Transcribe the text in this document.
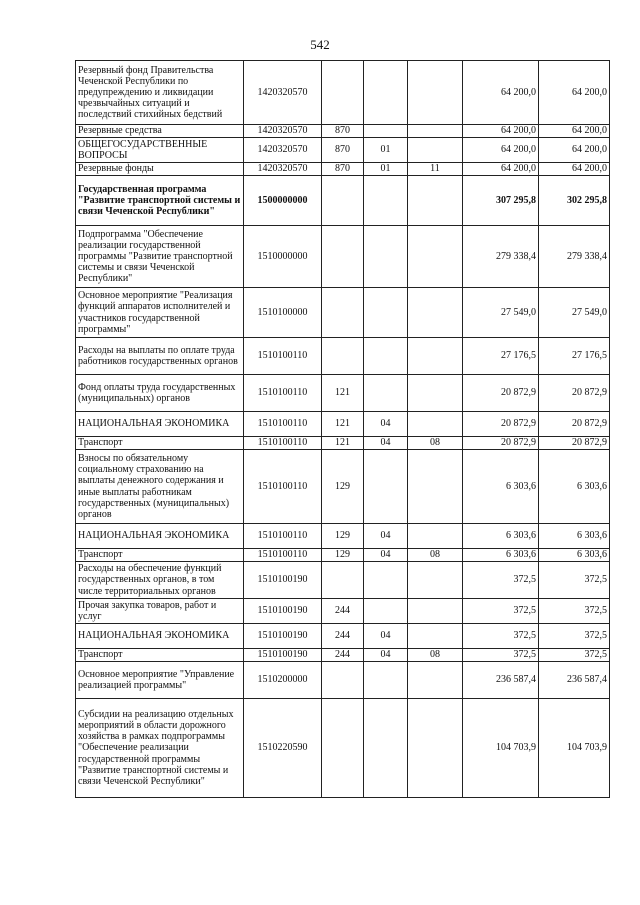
542
Резервный фонд Правительства Чеченской Республики по предупреждению и ликвидации чрезвычайных ситуаций и последствий стихийных бедствий	1420320570				64 200,0	64 200,0
Резервные средства	1420320570	870			64 200,0	64 200,0
ОБЩЕГОСУДАРСТВЕННЫЕ ВОПРОСЫ	1420320570	870	01		64 200,0	64 200,0
Резервные фонды	1420320570	870	01	11	64 200,0	64 200,0
Государственная программа "Развитие транспортной системы и связи Чеченской Республики"	1500000000				307 295,8	302 295,8
Подпрограмма "Обеспечение реализации государственной программы "Развитие транспортной системы и связи Чеченской Республики"	1510000000				279 338,4	279 338,4
Основное мероприятие "Реализация функций аппаратов исполнителей и участников государственной программы"	1510100000				27 549,0	27 549,0
Расходы на выплаты по оплате труда работников государственных органов	1510100110				27 176,5	27 176,5
Фонд оплаты труда государственных (муниципальных) органов	1510100110	121			20 872,9	20 872,9
НАЦИОНАЛЬНАЯ ЭКОНОМИКА	1510100110	121	04		20 872,9	20 872,9
Транспорт	1510100110	121	04	08	20 872,9	20 872,9
Взносы по обязательному социальному страхованию на выплаты денежного содержания и иные выплаты работникам государственных (муниципальных) органов	1510100110	129			6 303,6	6 303,6
НАЦИОНАЛЬНАЯ ЭКОНОМИКА	1510100110	129	04		6 303,6	6 303,6
Транспорт	1510100110	129	04	08	6 303,6	6 303,6
Расходы на обеспечение функций государственных органов, в том числе территориальных органов	1510100190				372,5	372,5
Прочая закупка товаров, работ и услуг	1510100190	244			372,5	372,5
НАЦИОНАЛЬНАЯ ЭКОНОМИКА	1510100190	244	04		372,5	372,5
Транспорт	1510100190	244	04	08	372,5	372,5
Основное мероприятие "Управление реализацией программы"	1510200000				236 587,4	236 587,4
Субсидии на реализацию отдельных мероприятий в области дорожного хозяйства в рамках подпрограммы "Обеспечение реализации государственной программы "Развитие транспортной системы и связи Чеченской Республики"	1510220590				104 703,9	104 703,9
